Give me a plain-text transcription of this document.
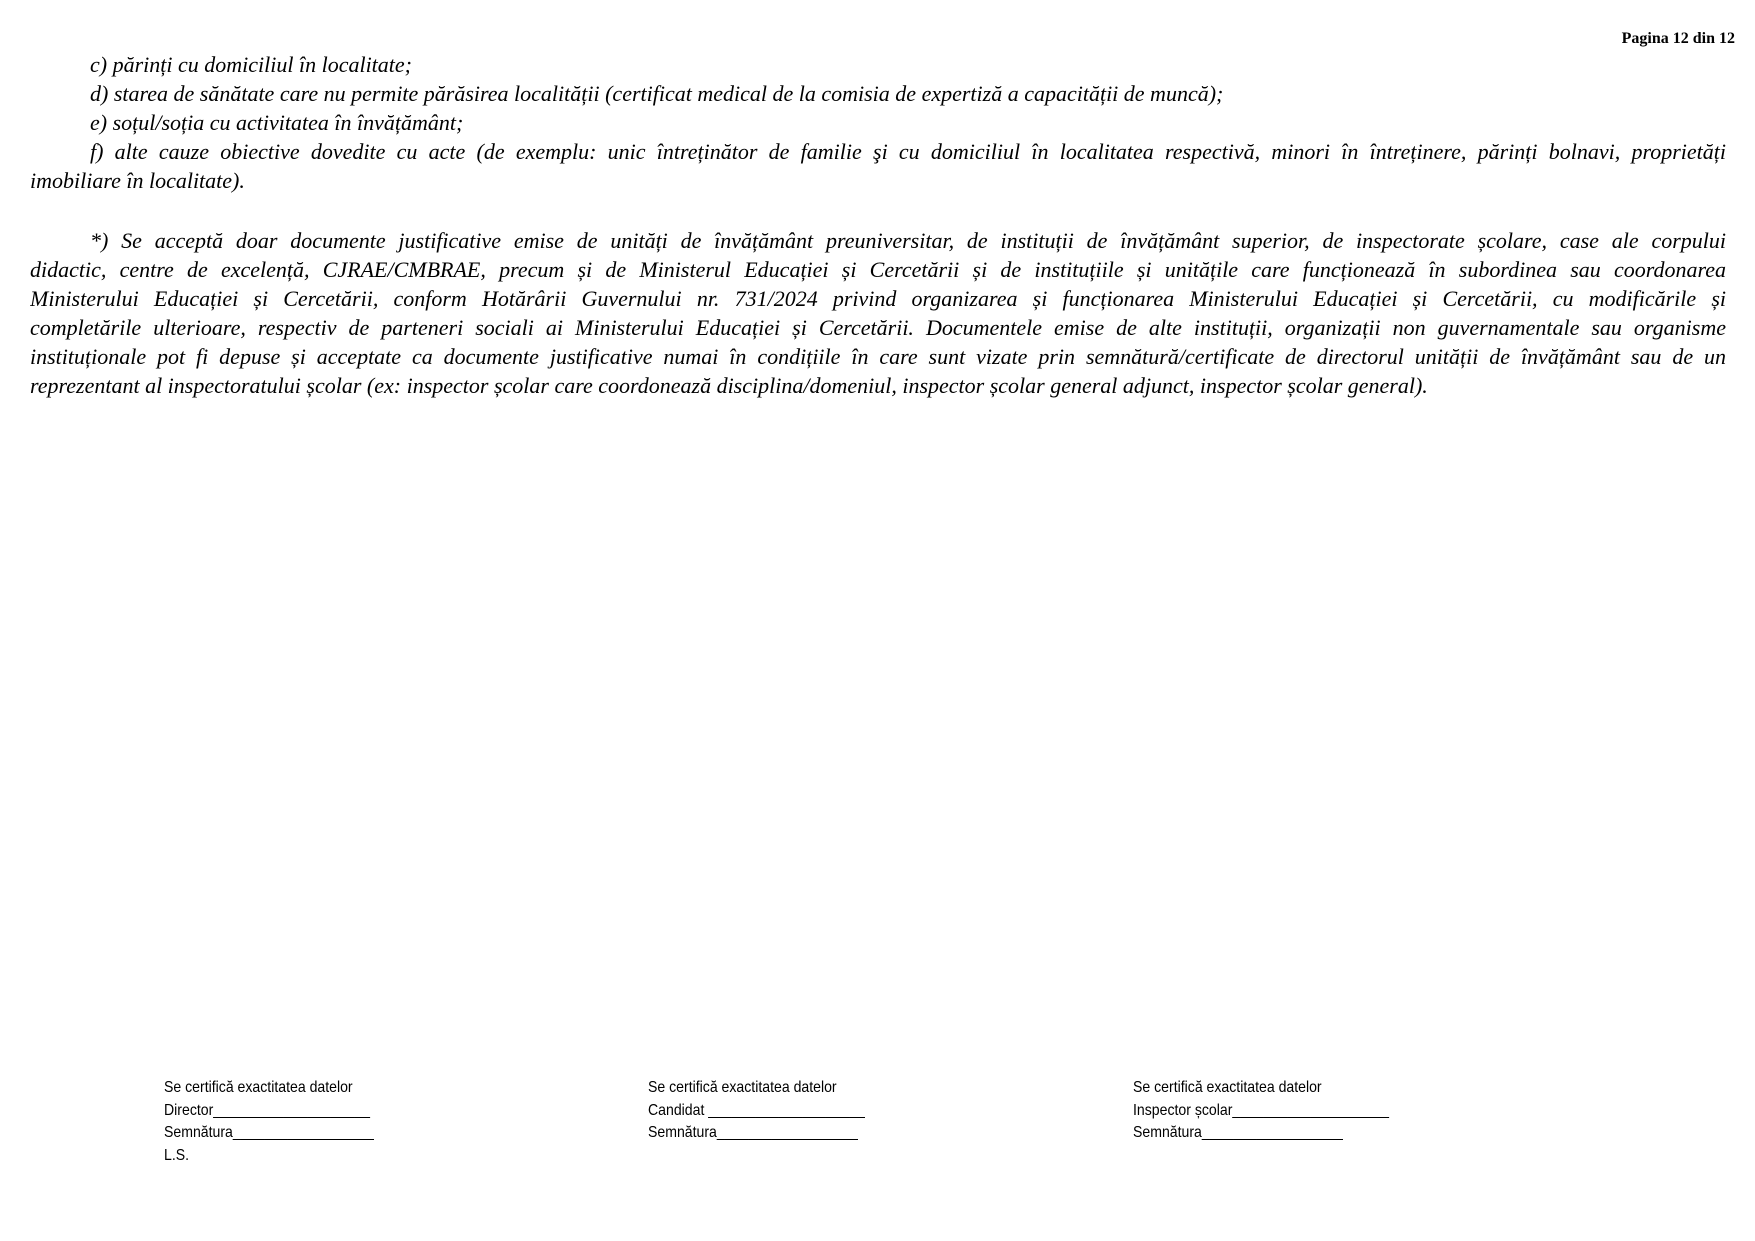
Pagina 12 din 12
c) părinți cu domiciliul în localitate;
d) starea de sănătate care nu permite părăsirea localității (certificat medical de la comisia de expertiză a capacității de muncă);
e) soțul/soția cu activitatea în învățământ;
f) alte cauze obiective dovedite cu acte (de exemplu: unic întreținător de familie şi cu domiciliul în localitatea respectivă, minori în întreținere, părinți bolnavi, proprietăți
imobiliare în localitate).
*) Se acceptă doar documente justificative emise de unități de învățământ preuniversitar, de instituții de învățământ superior, de inspectorate școlare, case ale corpului
didactic, centre de excelență, CJRAE/CMBRAE, precum și de Ministerul Educației și Cercetării și de instituțiile și unitățile care funcționează în subordinea sau coordonarea
Ministerului Educației și Cercetării, conform Hotărârii Guvernului nr. 731/2024 privind organizarea și funcționarea Ministerului Educației și Cercetării, cu modificările și
completările ulterioare, respectiv de parteneri sociali ai Ministerului Educației și Cercetării. Documentele emise de alte instituții, organizații non guvernamentale sau organisme
instituționale pot fi depuse și acceptate ca documente justificative numai în condițiile în care sunt vizate prin semnătură/certificate de directorul unității de învățământ sau de un
reprezentant al inspectoratului școlar (ex: inspector școlar care coordonează disciplina/domeniul, inspector școlar general adjunct, inspector școlar general).
Se certifică exactitatea datelor
Director____________________
Semnătura__________________
L.S.
Se certifică exactitatea datelor
Candidat ____________________
Semnătura__________________
Se certifică exactitatea datelor
Inspector școlar____________________
Semnătura__________________
